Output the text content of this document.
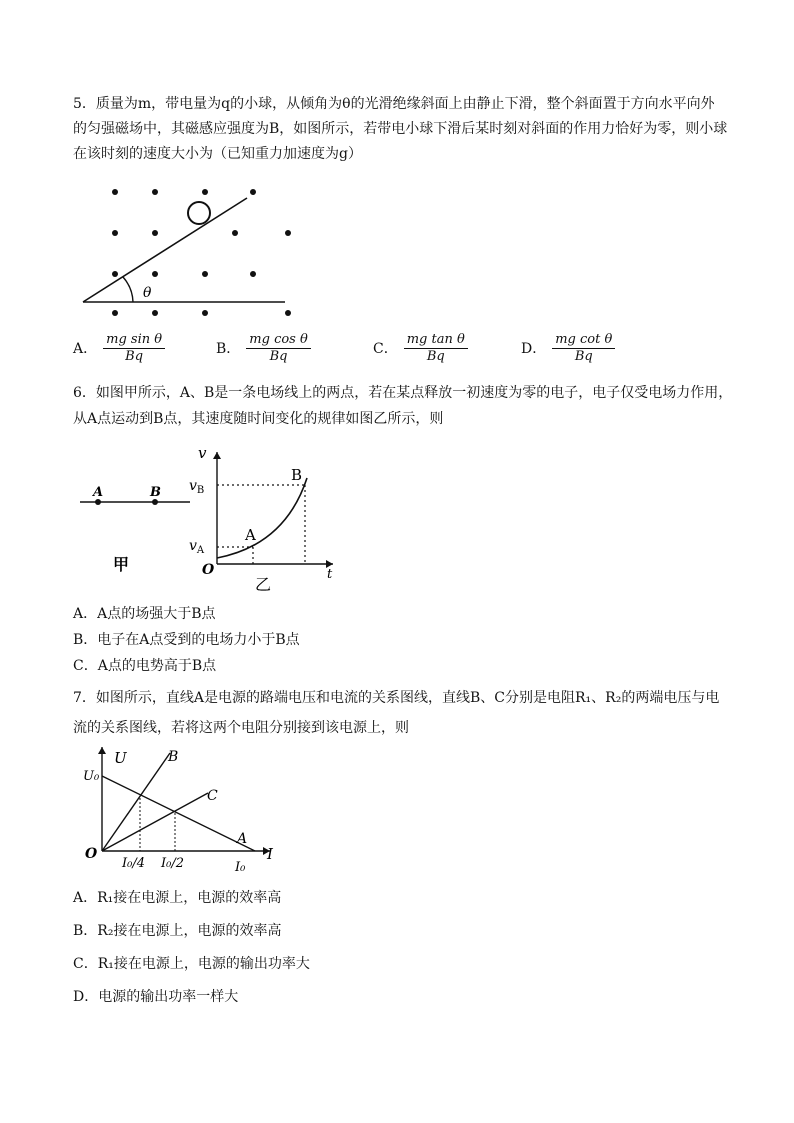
5．质量为m，带电量为q的小球，从倾角为θ的光滑绝缘斜面上由静止下滑，整个斜面置于方向水平向外
的匀强磁场中，其磁感应强度为B，如图所示，若带电小球下滑后某时刻对斜面的作用力恰好为零，则小球
在该时刻的速度大小为（已知重力加速度为g）
θ
A． $\frac{\text{mg sin θ}}{Bq}$	B． $\frac{\text{mg cos θ}}{Bq}$	C． $\frac{\text{mg tan θ}}{Bq}$	D． $\frac{\text{mg cot θ}}{Bq}$
6．如图甲所示，A、B是一条电场线上的两点，若在某点释放一初速度为零的电子，电子仅受电场力作用，
从A点运动到B点，其速度随时间变化的规律如图乙所示，则
A	B
甲
v
t
O
$v_B$
$v_A$
A
B
乙
A．A点的场强大于B点
B．电子在A点受到的电场力小于B点
C．A点的电势高于B点
7．如图所示，直线A是电源的路端电压和电流的关系图线，直线B、C分别是电阻R₁、R₂的两端电压与电
流的关系图线，若将这两个电阻分别接到该电源上，则
U
I
O
U₀
B
C
A
I₀/4 I₀/2	I₀
A．R₁接在电源上，电源的效率高
B．R₂接在电源上，电源的效率高
C．R₁接在电源上，电源的输出功率大
D．电源的输出功率一样大
